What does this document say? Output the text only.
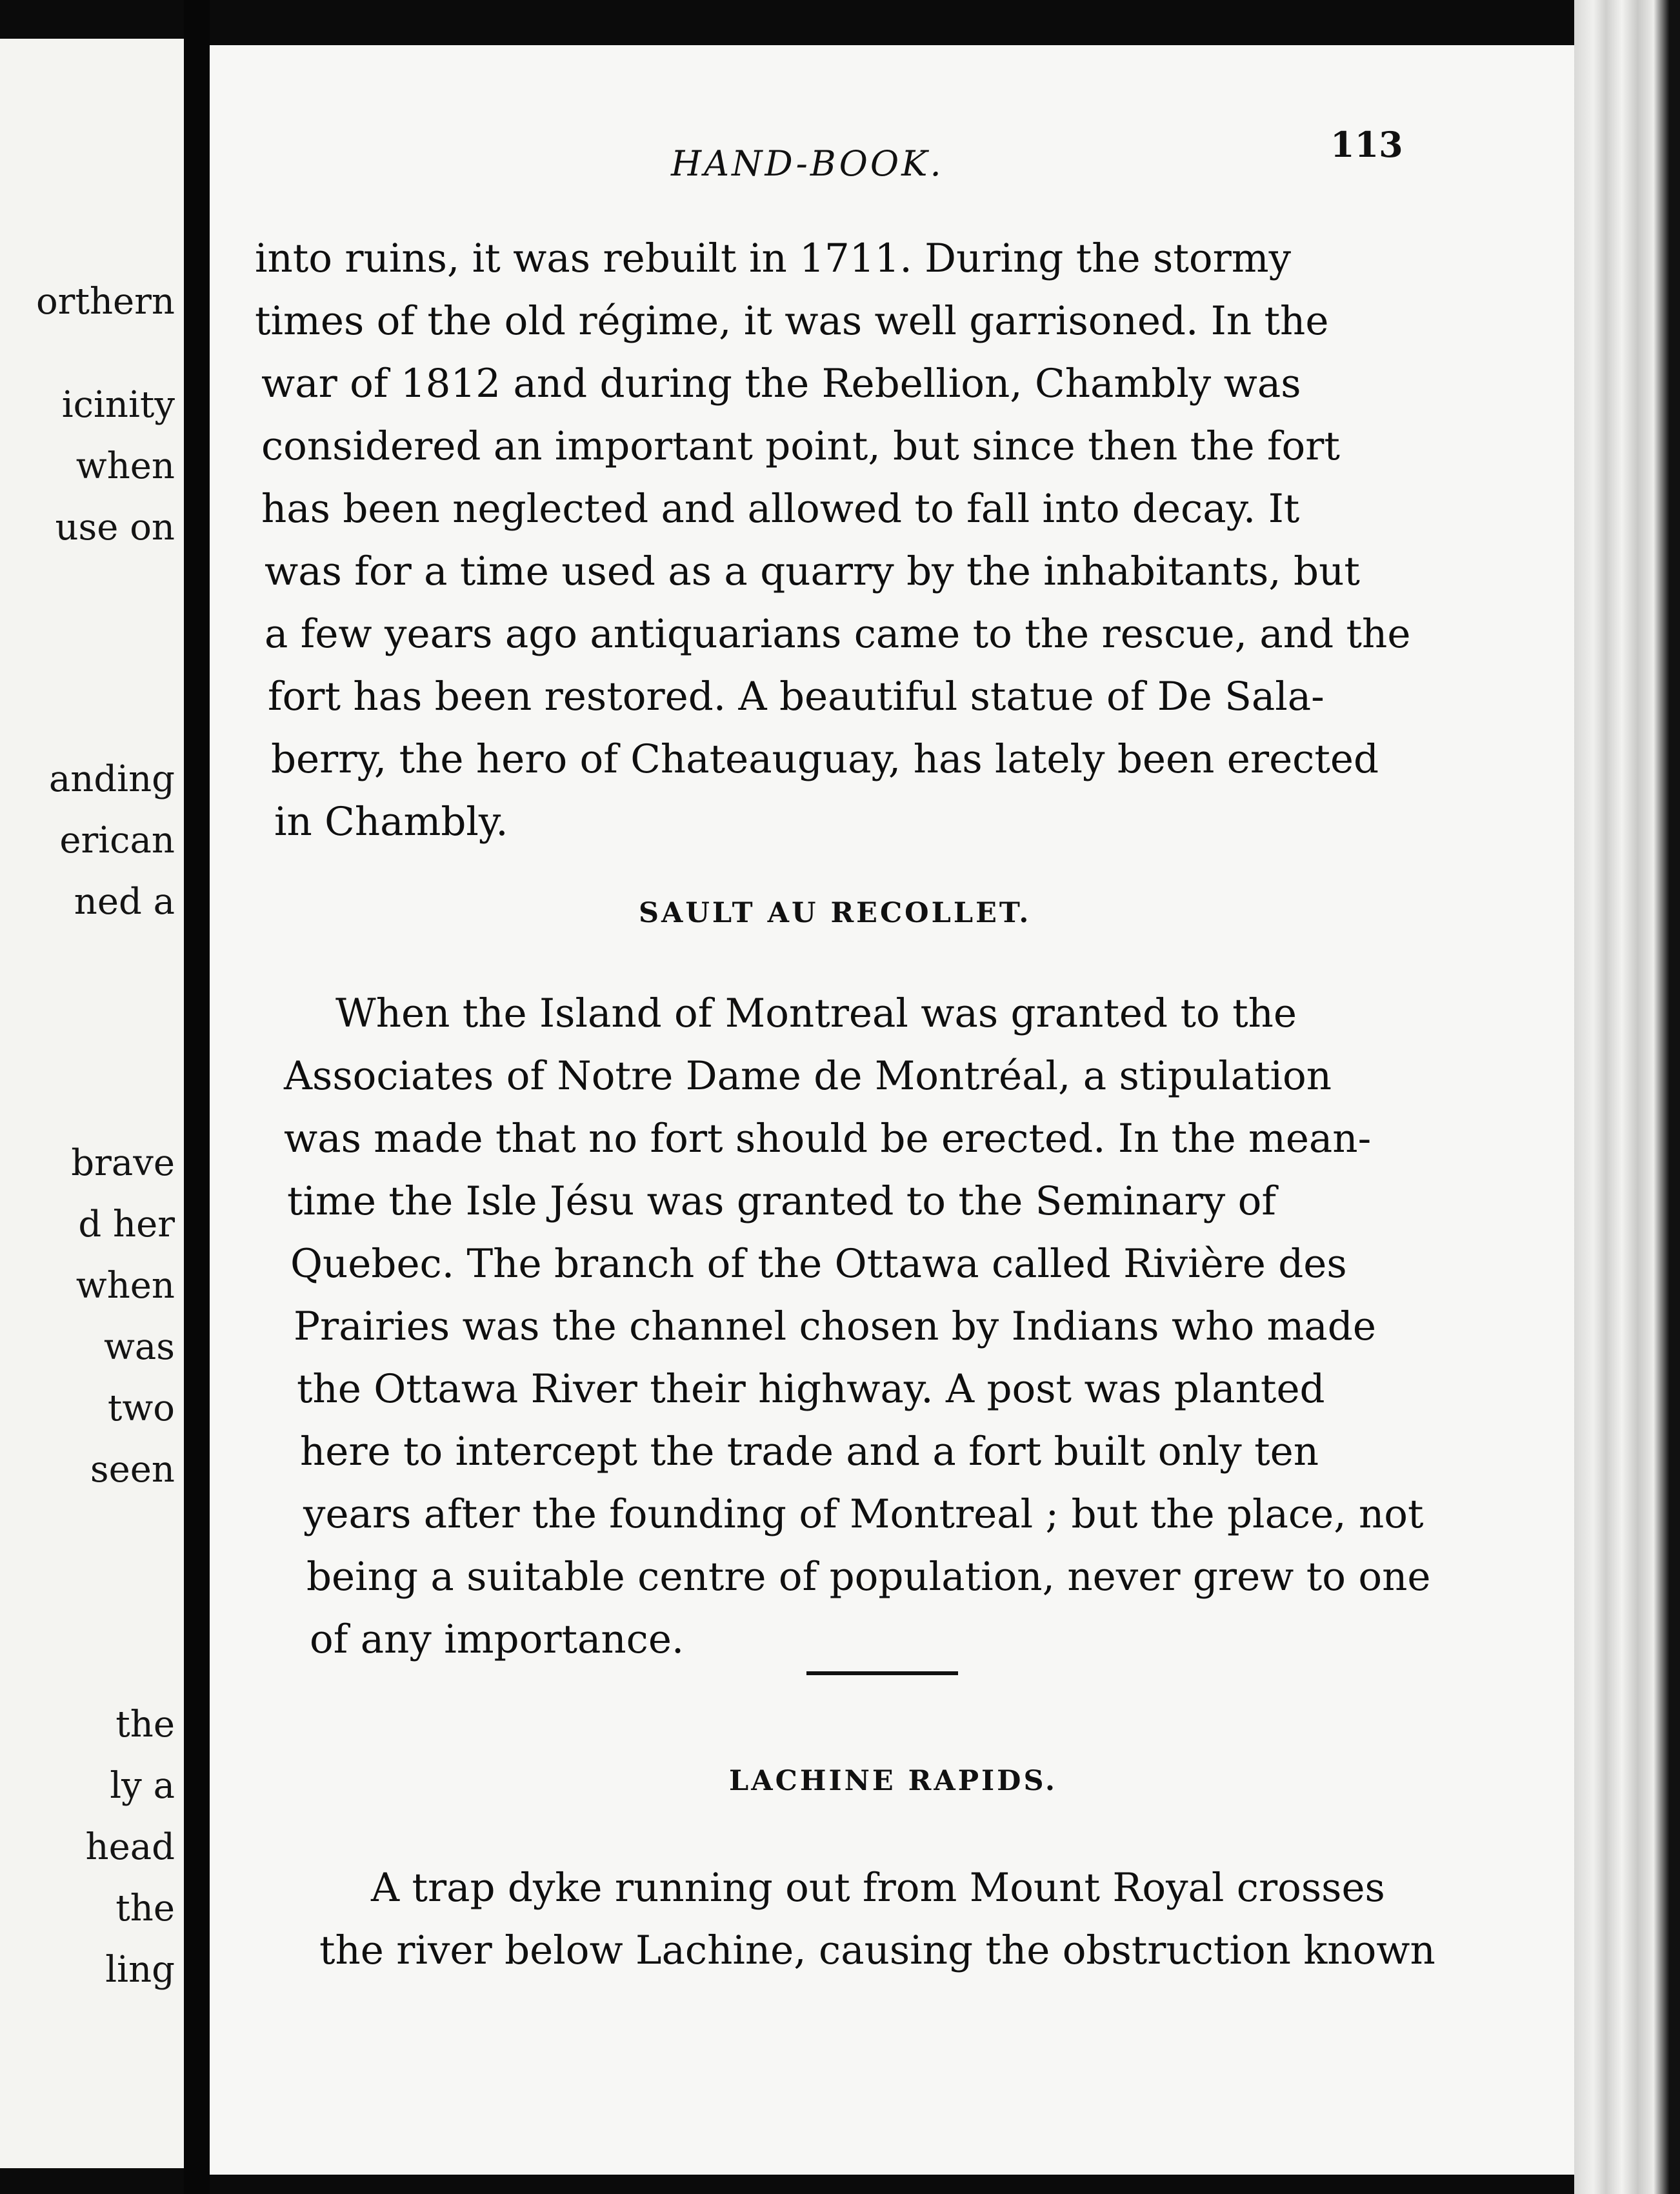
orthern
icinity
when
use on
anding
erican
ned a
brave
d her
when
was
two
seen
the
ly a
head
the
ling
HAND-BOOK.	113
into ruins, it was rebuilt in 1711. During the stormy
times of the old régime, it was well garrisoned. In the
war of 1812 and during the Rebellion, Chambly was
considered an important point, but since then the fort
has been neglected and allowed to fall into decay. It
was for a time used as a quarry by the inhabitants, but
a few years ago antiquarians came to the rescue, and the
fort has been restored. A beautiful statue of De Sala-
berry, the hero of Chateauguay, has lately been erected
in Chambly.
SAULT AU RECOLLET.
When the Island of Montreal was granted to the
Associates of Notre Dame de Montréal, a stipulation
was made that no fort should be erected. In the mean-
time the Isle Jésu was granted to the Seminary of
Quebec. The branch of the Ottawa called Rivière des
Prairies was the channel chosen by Indians who made
the Ottawa River their highway. A post was planted
here to intercept the trade and a fort built only ten
years after the founding of Montreal ; but the place, not
being a suitable centre of population, never grew to one
of any importance.
LACHINE RAPIDS.
A trap dyke running out from Mount Royal crosses
the river below Lachine, causing the obstruction known
